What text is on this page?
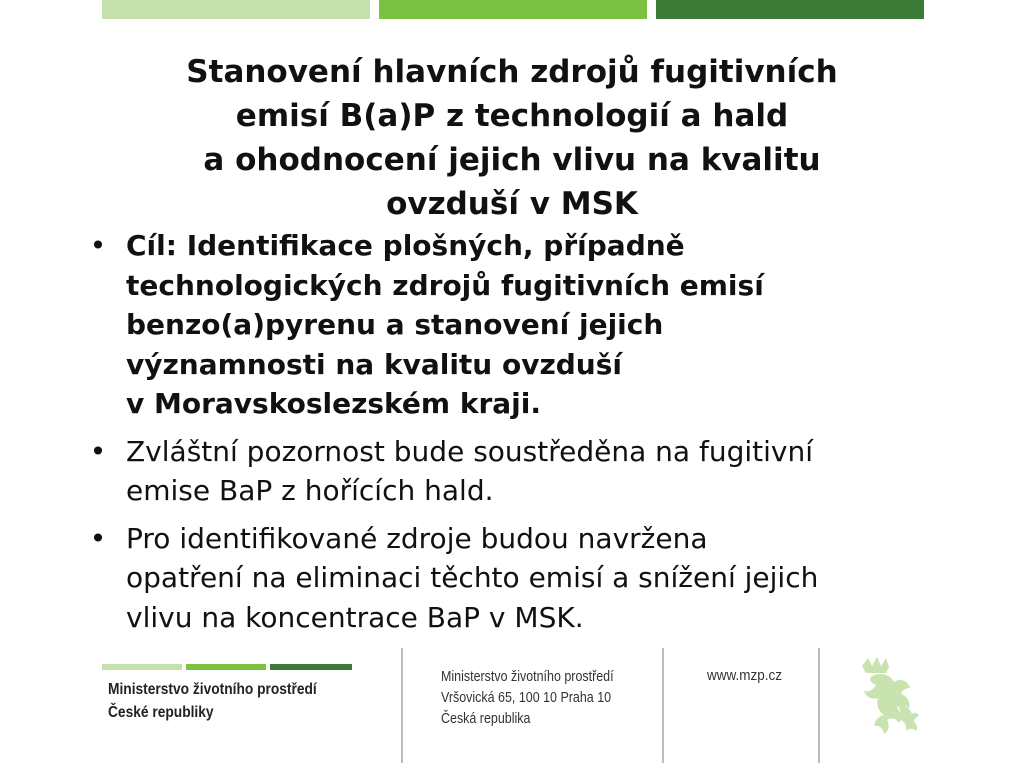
Stanovení hlavních zdrojů fugitivních
emisí B(a)P z technologií a hald
a ohodnocení jejich vlivu na kvalitu
ovzduší v MSK
• Cíl: Identifikace plošných, případně
technologických zdrojů fugitivních emisí
benzo(a)pyrenu a stanovení jejich
významnosti na kvalitu ovzduší
v Moravskoslezském kraji.
• Zvláštní pozornost bude soustředěna na fugitivní
emise BaP z hořících hald.
• Pro identifikované zdroje budou navržena
opatření na eliminaci těchto emisí a snížení jejich
vlivu na koncentrace BaP v MSK.
Ministerstvo životního prostředí
České republiky
Ministerstvo životního prostředí
Vršovická 65, 100 10 Praha 10
Česká republika
www.mzp.cz
